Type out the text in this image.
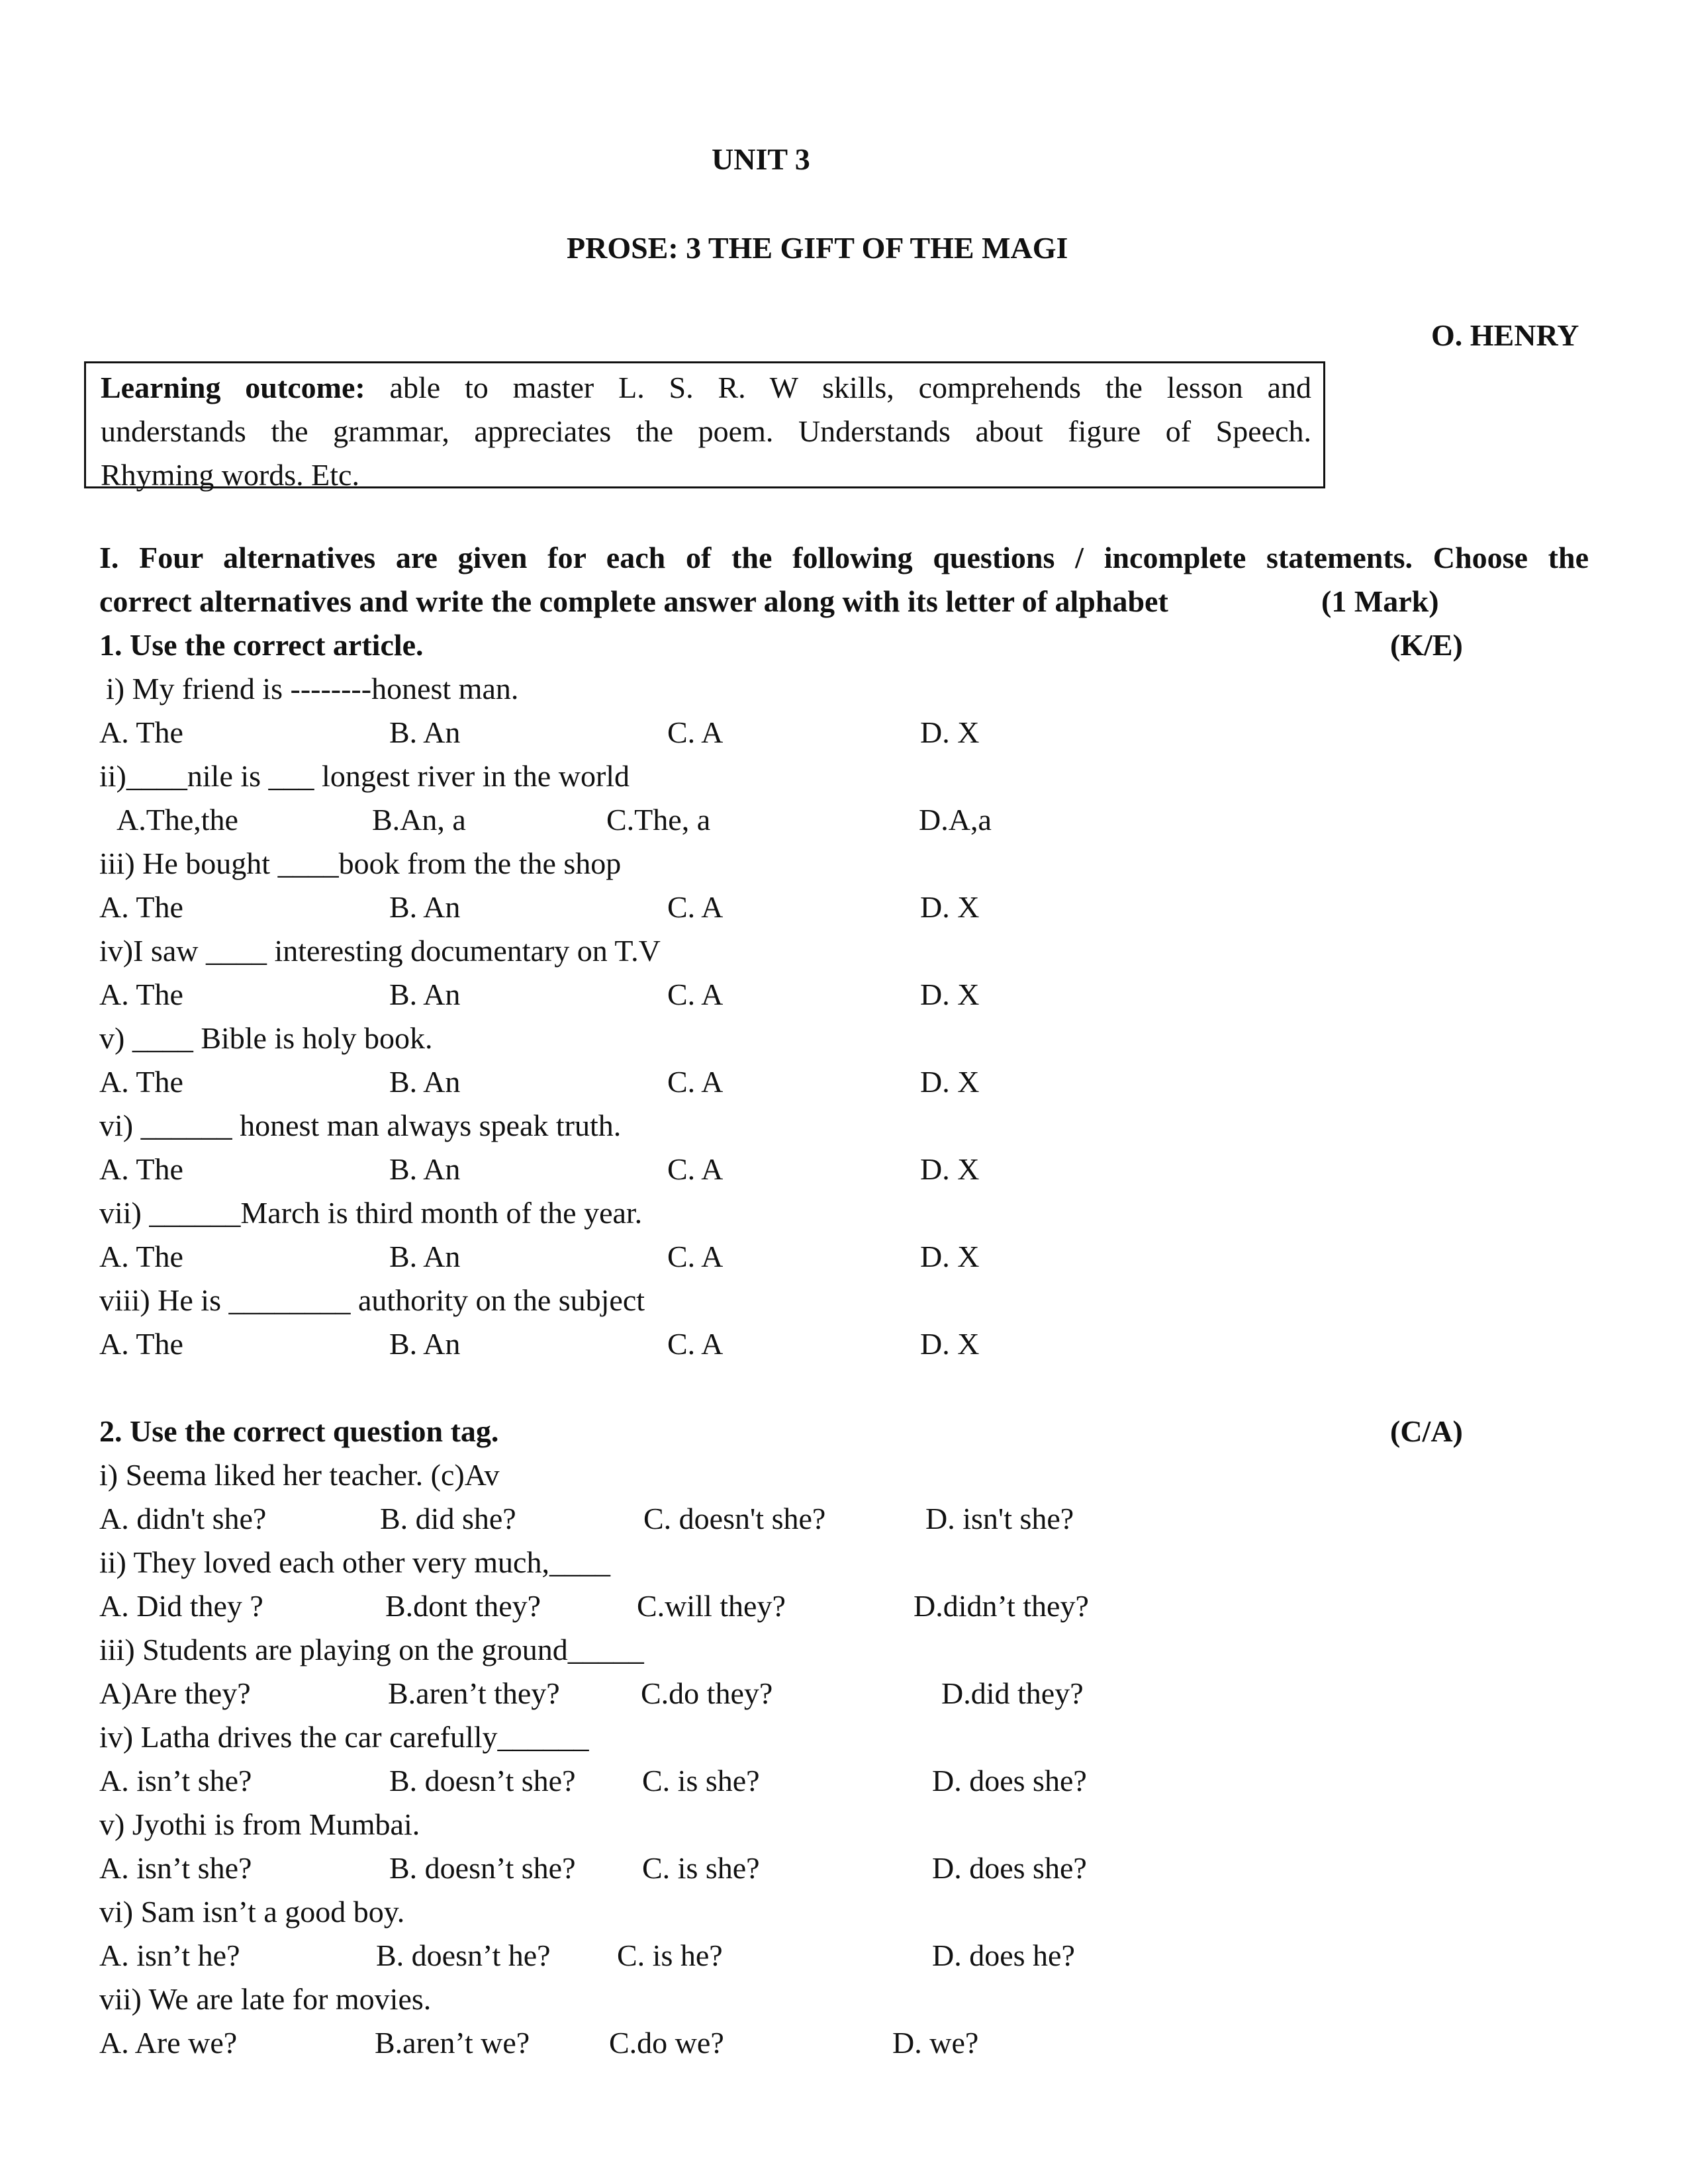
UNIT 3
PROSE: 3 THE GIFT OF THE MAGI
O. HENRY
Learning outcome: able to master L. S. R. W skills, comprehends the lesson and
understands the grammar, appreciates the poem. Understands about figure of Speech.
Rhyming words. Etc.
I. Four alternatives are given for each of the following questions / incomplete statements. Choose the
correct alternatives and write the complete answer along with its letter of alphabet	(1 Mark)
1. Use the correct article.	(K/E)
i) My friend is --------honest man.
A. The	B. An	C. A	D. X
ii)____nile is ___ longest river in the world
A.The,the	B.An, a	C.The, a	D.A,a
iii) He bought ____book from the the shop
A. The	B. An	C. A	D. X
iv)I saw ____ interesting documentary on T.V
A. The	B. An	C. A	D. X
v) ____ Bible is holy book.
A. The	B. An	C. A	D. X
vi) ______ honest man always speak truth.
A. The	B. An	C. A	D. X
vii) ______March is third month of the year.
A. The	B. An	C. A	D. X
viii) He is ________ authority on the subject
A. The	B. An	C. A	D. X
2. Use the correct question tag.	(C/A)
i) Seema liked her teacher. (c)Av
A. didn't she?	B. did she?	C. doesn't she?	D. isn't she?
ii) They loved each other very much,____
A. Did they ?	B.dont they?	C.will they?	D.didn’t they?
iii) Students are playing on the ground_____
A)Are they?	B.aren’t they?	C.do they?	D.did they?
iv) Latha drives the car carefully______
A. isn’t she?	B. doesn’t she? C. is she?	D. does she?
v) Jyothi is from Mumbai.
A. isn’t she?	B. doesn’t she? C. is she?	D. does she?
vi) Sam isn’t a good boy.
A. isn’t he?	B. doesn’t he? C. is he?	D. does he?
vii) We are late for movies.
A. Are we?	B.aren’t we?	C.do we?	D. we?
